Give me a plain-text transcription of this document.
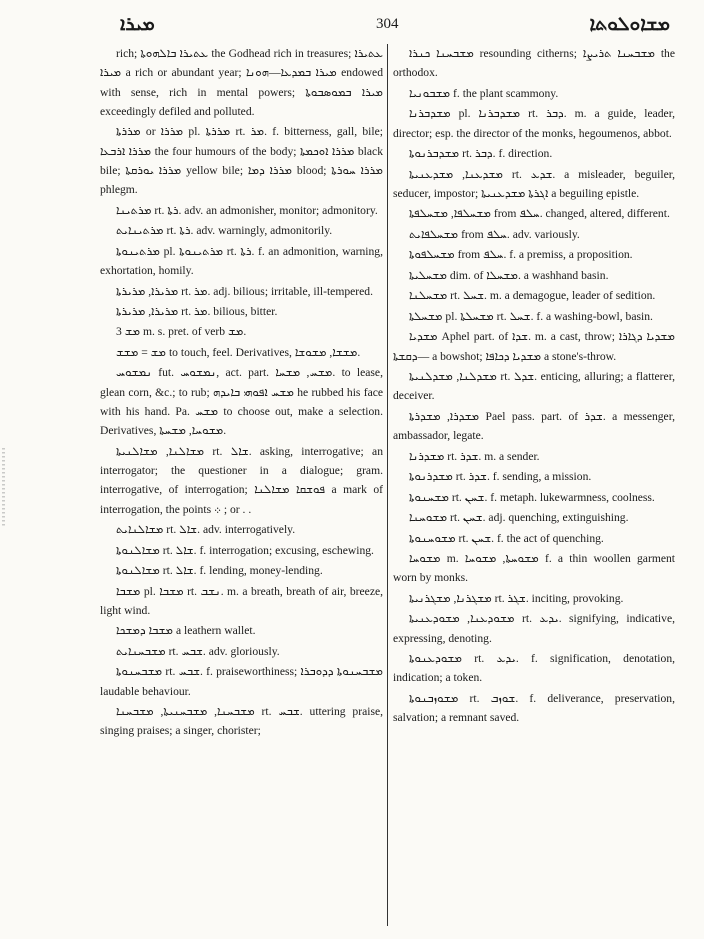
ܡܝܪܐ	304	ܡܫܐܘܠܘܬܐ

rich; ܥܬܝܪܐ ܒܐܠܗܘܬܐ the Godhead rich in treasures; ܥܬܝܪܐ ܡܝܪܐ a rich or abundant year; ܡܝܪܐ ܒܡܕܥܐ—ܗܘܢܐ endowed with sense, rich in mental powers; ܡܝܪܐ ܒܡܘܣܒܘܬܐ exceedingly defiled and polluted.

ܡܪܪܬܐ or ܡܪܪܐ pl. ܡܪܪܬܐ rt. ܡܪ. f. bitterness, gall, bile; ܡܪܪܐ ܐܪܒܥܐ the four humours of the body; ܡܪܪܐ ܐܘܟܡܬܐ black bile; ܡܪܪܐ ܝܘܪܩܬܐ yellow bile; ܡܪܪܐ ܕܡܐ blood; ܡܪܪܐ ܚܘܪܬܐ phlegm.

ܡܪܬܝܢܐ rt. ܪܬܐ. adv. an admonisher, monitor; admonitory.

ܡܪܬܝܢܐܝܬ rt. ܪܬܐ. adv. warningly, admonitorily.

ܡܪܬܝܢܘܬܐ pl. ܡܪܬܝܢܘܬܐ rt. ܪܬܐ. f. an admonition, warning, exhortation, homily.

ܡܪܝܪܐ, ܡܪܝܪܬܐ rt. ܡܪ. adj. bilious; irritable, ill-tempered.

ܡܪܝܪܐ, ܡܪܝܪܬܐ rt. ܡܪ. bilious, bitter.

ܡܫ 3 m. s. pret. of verb ܡܫ.

ܡܫ = ܡܫܫ to touch, feel. Derivatives, ܡܫܫܐ, ܡܫܘܫܐ.

ܢܡܫܘܚ fut. ܢܡܫܘܚ, act. part. ܡܫܚ, ܡܫܚܐ. to lease, glean corn, &c.; to rub; ܡܫܚ ܐܦܘܗܝ ܒܐܝܕܗ he rubbed his face with his hand. Pa. ܡܫܚ to choose out, make a selection. Derivatives, ܡܫܘܚܐ, ܡܫܚܬܐ.

ܡܫܐܠܢܐ, ܡܫܐܠܢܝܬܐ rt. ܫܐܠ. asking, interrogative; an interrogator; the questioner in a dialogue; gram. interrogative, of interrogation; ܦܘܫܩܐ ܡܫܐܠܢܐ a mark of interrogation, the points ܀ ; or . .

ܡܫܐܠܢܐܝܬ rt. ܫܐܠ. adv. interrogatively.

ܡܫܐܠܢܘܬܐ rt. ܫܐܠ. f. interrogation; excusing, eschewing.

ܡܫܐܠܢܘܬܐ rt. ܫܐܠ. f. lending, money-lending.

ܡܫܒܐ pl. ܡܫܒܐ rt. ܢܫܒ. m. a breath, breath of air, breeze, light wind.

ܡܫܒܐ ܕܡܫܟܐ a leathern wallet.

ܡܫܒܚܢܐܝܬ rt. ܫܒܚ. adv. gloriously.

ܡܫܒܚܢܘܬܐ rt. ܫܒܚ. f. praiseworthiness; ܡܫܒܚܢܘܬܐ ܕܕܘܒܪܐ laudable behaviour.

ܡܫܒܚܢܐ, ܡܫܒܚܢܝܬܐ, ܡܫܒܚܢܐ rt. ܫܒܚ. uttering praise, singing praises; a singer, chorister;

ܡܫܒܚܢܐ ܟܢܪܐ resounding citherns; ܡܫܒܚܢܐ ܬܪܝܨܐ the orthodox.

ܡܫܒܘܢܝܐ f. the plant scammony.

ܡܫܕܒܪܢܐ pl. ܡܫܕܒܪܢܐ rt. ܕܒܪ. m. a guide, leader, director; esp. the director of the monks, hegoumenos, abbot.

ܡܫܕܒܪܢܘܬܐ rt. ܕܒܪ. f. direction.

ܡܫܕܥܢܐ, ܡܫܕܥܢܝܬܐ rt. ܫܕܥ. a misleader, beguiler, seducer, impostor; ܐܓܪܬܐ ܡܫܕܥܢܝܬܐ a beguiling epistle.

ܡܫܚܠܦܐ, ܡܫܚܠܦܬܐ from ܚܠܦ. changed, altered, different.

ܡܫܚܠܦܐܝܬ from ܚܠܦ. adv. variously.

ܡܫܚܠܦܘܬܐ from ܚܠܦ. f. a premiss, a proposition.

ܡܫܚܠܝܬܐ dim. of ܡܫܚܠܐ. a washhand basin.

ܡܫܚܠܢܐ rt. ܫܚܠ. m. a demagogue, leader of sedition.

ܡܫܚܠܬܐ pl. ܡܫܚܠܬܐ rt. ܫܚܠ. f. a washing-bowl, basin.

ܡܫܕܝܐ Aphel part. of ܫܕܐ. m. a cast, throw; ܡܫܕܝܐ ܕܓܐܪܐ—ܕܩܫܬܐ a bowshot; ܡܫܕܝܐ ܕܟܐܦܐ a stone's-throw.

ܡܫܕܠܢܐ, ܡܫܕܠܢܝܬܐ rt. ܫܕܠ. enticing, alluring; a flatterer, deceiver.

ܡܫܕܪܐ, ܡܫܕܪܬܐ Pael pass. part. of ܫܕܪ. a messenger, ambassador, legate.

ܡܫܕܪܢܐ rt. ܫܕܪ. m. a sender.

ܡܫܕܪܢܘܬܐ rt. ܫܕܪ. f. sending, a mission.

ܡܫܚܢܘܬܐ rt. ܫܚܢ. f. metaph. lukewarmness, coolness.

ܡܫܘܚܢܐ rt. ܫܚܢ. adj. quenching, extinguishing.

ܡܫܘܚܢܘܬܐ rt. ܫܚܢ. f. the act of quenching.

ܡܫܘܚܐ m. ܡܫܘܚܬܐ, ܡܫܘܚܐ f. a thin woollen garment worn by monks.

ܡܫܓܪܢܐ, ܡܫܓܪܢܝܬܐ rt. ܫܓܪ. inciting, provoking.

ܡܫܘܕܥܢܐ, ܡܫܘܕܥܢܝܬܐ rt. ܝܕܥ. signifying, indicative, expressing, denoting.

ܡܫܘܕܥܢܘܬܐ rt. ܝܕܥ. f. signification, denotation, indication; a token.

ܡܫܘܙܒܢܘܬܐ rt. ܫܘܙܒ. f. deliverance, preservation, salvation; a remnant saved.
